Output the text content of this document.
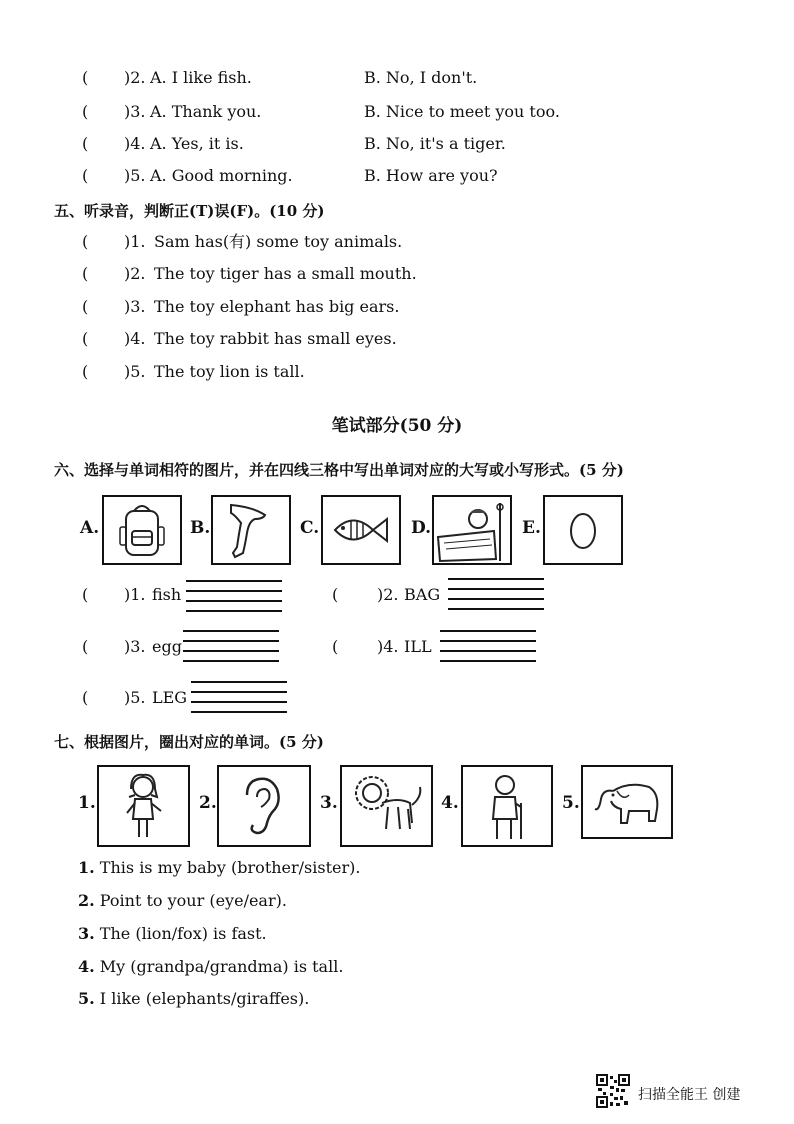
( )2. A. I like fish.	B. No, I don't.
( )3. A. Thank you.	B. Nice to meet you too.
( )4. A. Yes, it is.	B. No, it's a tiger.
( )5. A. Good morning.	B. How are you?
五、听录音，判断正(T)误(F)。(10 分)
( )1. Sam has(有) some toy animals.
( )2. The toy tiger has a small mouth.
( )3. The toy elephant has big ears.
( )4. The toy rabbit has small eyes.
( )5. The toy lion is tall.
笔试部分(50 分)
六、选择与单词相符的图片，并在四线三格中写出单词对应的大写或小写形式。(5 分)
A.	B.	C.	D.	E.
( )1. fish	( )2. BAG
( )3. egg	( )4. ILL
( )5. LEG
七、根据图片，圈出对应的单词。(5 分)
1.	2.	3.	4.	5.
1. This is my baby (brother/sister).
2. Point to your (eye/ear).
3. The (lion/fox) is fast.
4. My (grandpa/grandma) is tall.
5. I like (elephants/giraffes).
扫描全能王 创建
